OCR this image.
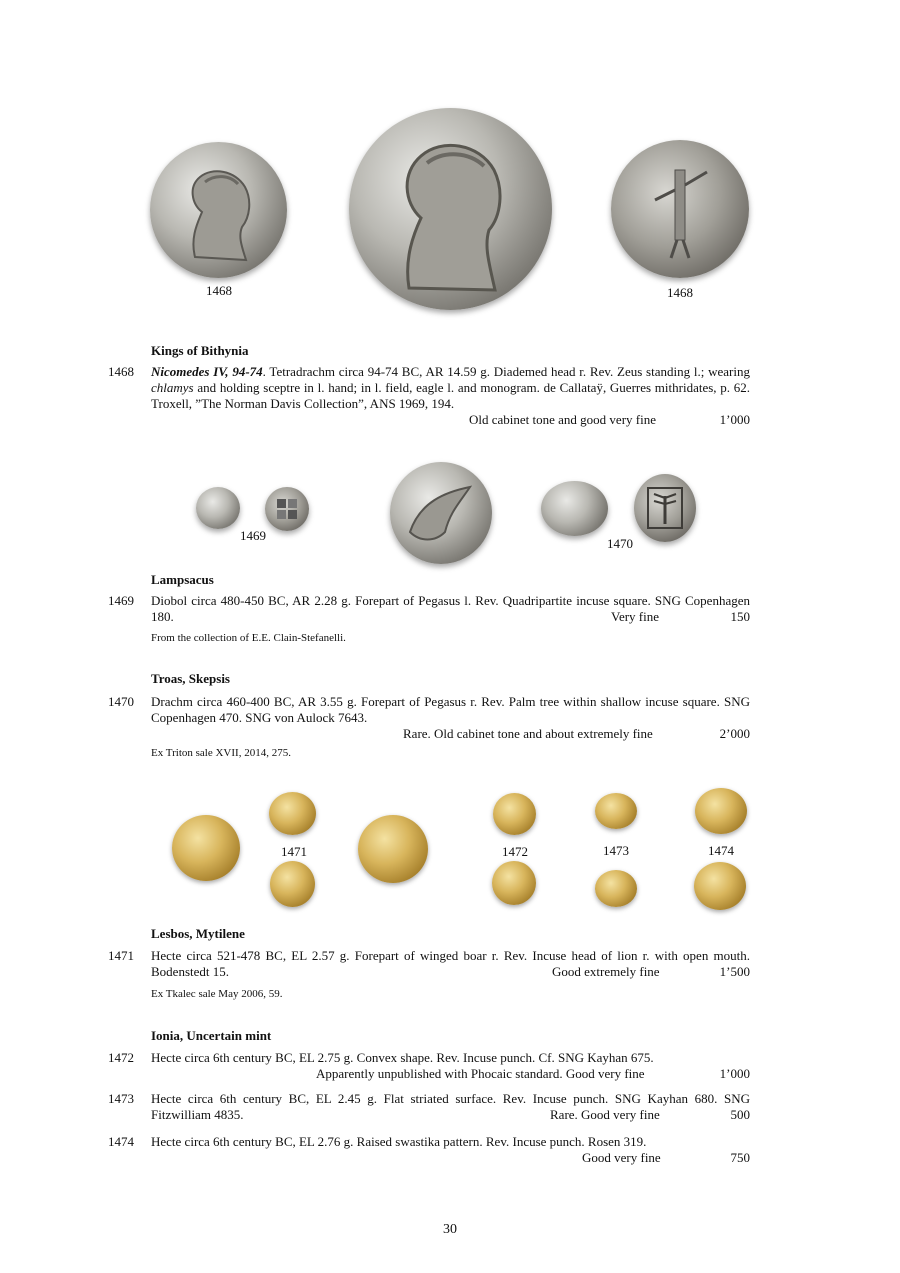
1468	1468
Kings of Bithynia
1468 Nicomedes IV, 94-74. Tetradrachm circa 94-74 BC, AR 14.59 g. Diademed head r. Rev. Zeus standing l.; wearing chlamys and holding sceptre in l. hand; in l. field, eagle l. and monogram. de Callataÿ, Guerres mithridates, p. 62. Troxell, ”The Norman Davis Collection”, ANS 1969, 194.
Old cabinet tone and good very fine	1’000
1469
1470
Lampsacus
1469 Diobol circa 480-450 BC, AR 2.28 g. Forepart of Pegasus l. Rev. Quadripartite incuse square. SNG Copenhagen 180.	Very fine	150
From the collection of E.E. Clain-Stefanelli.
Troas, Skepsis
1470 Drachm circa 460-400 BC, AR 3.55 g. Forepart of Pegasus r. Rev. Palm tree within shallow incuse square. SNG Copenhagen 470. SNG von Aulock 7643.
Rare. Old cabinet tone and about extremely fine	2’000
Ex Triton sale XVII, 2014, 275.
1471	1472	1473	1474
Lesbos, Mytilene
1471 Hecte circa 521-478 BC, EL 2.57 g. Forepart of winged boar r. Rev. Incuse head of lion r. with open mouth. Bodenstedt 15.	Good extremely fine	1’500
Ex Tkalec sale May 2006, 59.
Ionia, Uncertain mint
1472 Hecte circa 6th century BC, EL 2.75 g. Convex shape. Rev. Incuse punch. Cf. SNG Kayhan 675.
Apparently unpublished with Phocaic standard. Good very fine	1’000
1473 Hecte circa 6th century BC, EL 2.45 g. Flat striated surface. Rev. Incuse punch. SNG Kayhan 680. SNG Fitzwilliam 4835.	Rare. Good very fine	500
1474 Hecte circa 6th century BC, EL 2.76 g. Raised swastika pattern. Rev. Incuse punch. Rosen 319.
Good very fine	750
30
